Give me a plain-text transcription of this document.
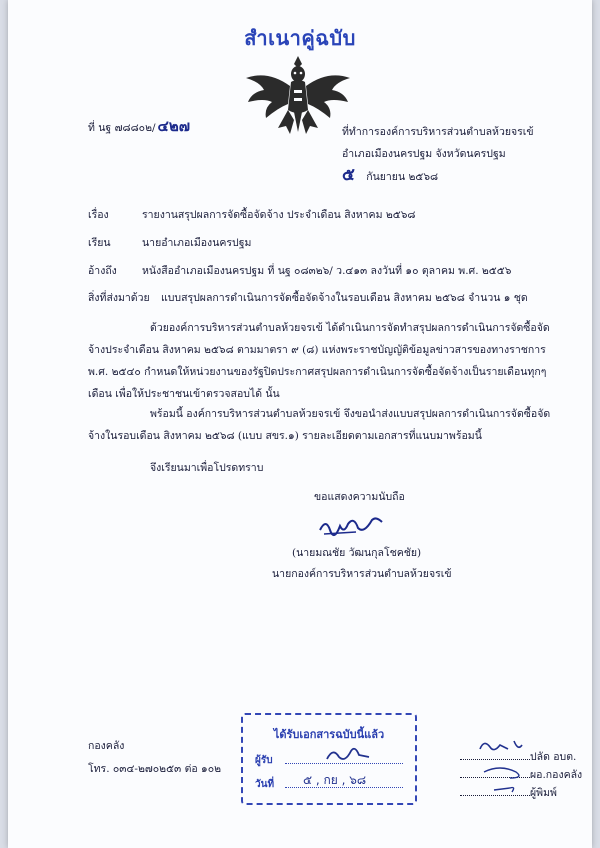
สำเนาคู่ฉบับ
ที่ นฐ ๗๘๘๐๒/ ๔๒๗	ที่ทำการองค์การบริหารส่วนตำบลห้วยจรเข้
อำเภอเมืองนครปฐม จังหวัดนครปฐม
๕ กันยายน ๒๕๖๘
เรื่อง	รายงานสรุปผลการจัดซื้อจัดจ้าง ประจำเดือน สิงหาคม ๒๕๖๘
เรียน	นายอำเภอเมืองนครปฐม
อ้างถึง หนังสืออำเภอเมืองนครปฐม ที่ นฐ ๐๘๓๒๖/ ว.๔๑๓ ลงวันที่ ๑๐ ตุลาคม พ.ศ. ๒๕๕๖
สิ่งที่ส่งมาด้วย แบบสรุปผลการดำเนินการจัดซื้อจัดจ้างในรอบเดือน สิงหาคม ๒๕๖๘ จำนวน ๑ ชุด
ด้วยองค์การบริหารส่วนตำบลห้วยจรเข้ ได้ดำเนินการจัดทำสรุปผลการดำเนินการจัดซื้อจัดจ้างประจำเดือน สิงหาคม ๒๕๖๘ ตามมาตรา ๙ (๘) แห่งพระราชบัญญัติข้อมูลข่าวสารของทางราชการ พ.ศ. ๒๕๔๐ กำหนดให้หน่วยงานของรัฐปิดประกาศสรุปผลการดำเนินการจัดซื้อจัดจ้างเป็นรายเดือนทุกๆ เดือน เพื่อให้ประชาชนเข้าตรวจสอบได้ นั้น
พร้อมนี้ องค์การบริหารส่วนตำบลห้วยจรเข้ จึงขอนำส่งแบบสรุปผลการดำเนินการจัดซื้อจัดจ้างในรอบเดือน สิงหาคม ๒๕๖๘ (แบบ สขร.๑) รายละเอียดตามเอกสารที่แนบมาพร้อมนี้
จึงเรียนมาเพื่อโปรดทราบ
ขอแสดงความนับถือ
(นายมณชัย วัฒนกุลโชคชัย)
นายกองค์การบริหารส่วนตำบลห้วยจรเข้
กองคลัง
โทร. ๐๓๔-๒๗๐๒๕๓ ต่อ ๑๐๒
ได้รับเอกสารฉบับนี้แล้ว
ผู้รับ
วันที่ ๕ , กย , ๖๘
ปลัด อบต.
ผอ.กองคลัง
ผู้พิมพ์
